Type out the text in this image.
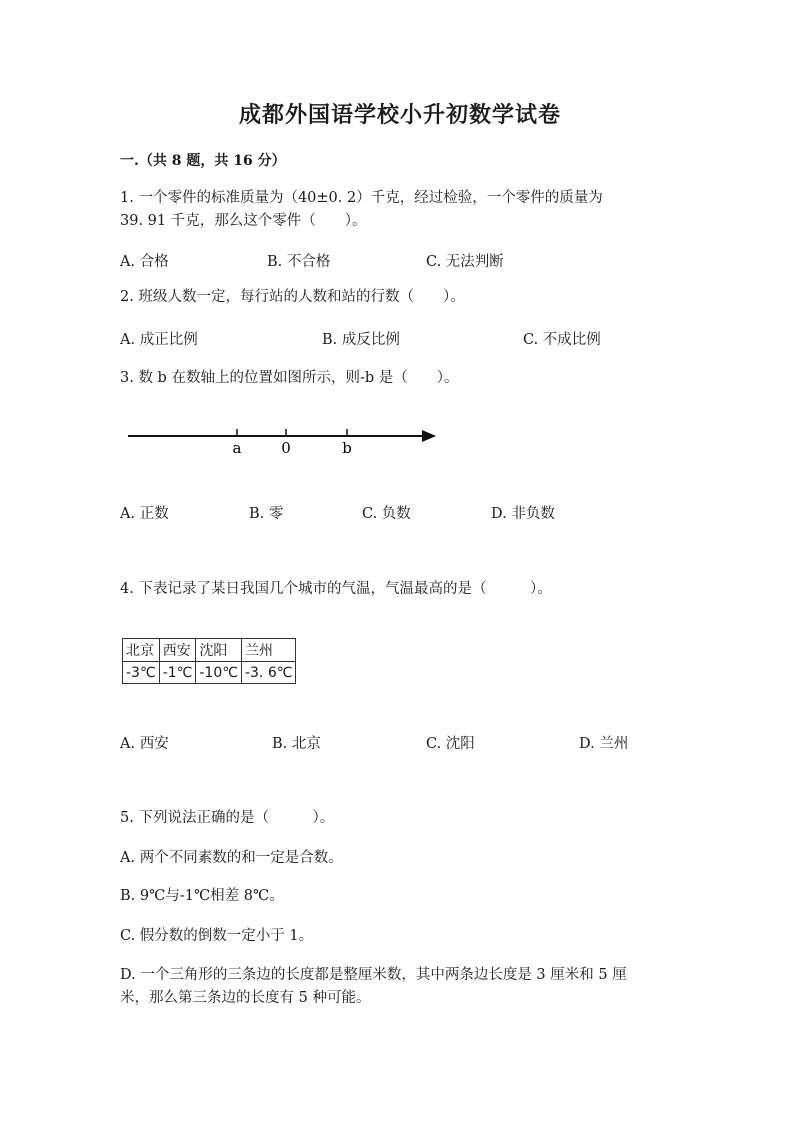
成都外国语学校小升初数学试卷
一.（共 8 题，共 16 分）
1. 一个零件的标准质量为（40±0. 2）千克，经过检验，一个零件的质量为
39. 91 千克，那么这个零件（　　）。
A. 合格	B. 不合格	C. 无法判断
2. 班级人数一定，每行站的人数和站的行数（　　）。
A. 成正比例	B. 成反比例	C. 不成比例
3. 数 b 在数轴上的位置如图所示，则-b 是（　　）。
a	0	b
A. 正数	B. 零	C. 负数	D. 非负数
4. 下表记录了某日我国几个城市的气温，气温最高的是（　　　）。
北京	西安	沈阳	兰州
-3℃	-1℃	-10℃	-3. 6℃
A. 西安	B. 北京	C. 沈阳	D. 兰州
5. 下列说法正确的是（　　　）。
A. 两个不同素数的和一定是合数。
B. 9℃与-1℃相差 8℃。
C. 假分数的倒数一定小于 1。
D. 一个三角形的三条边的长度都是整厘米数，其中两条边长度是 3 厘米和 5 厘
米，那么第三条边的长度有 5 种可能。
